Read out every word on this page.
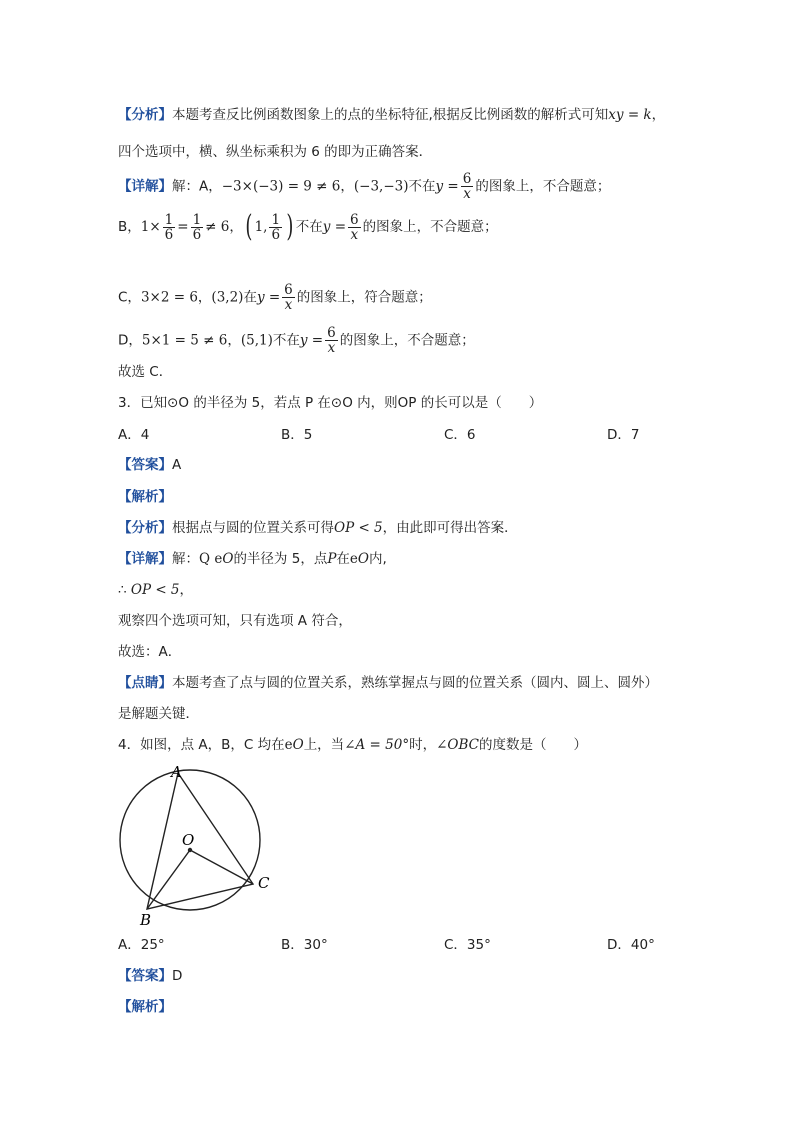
【分析】本题考查反比例函数图象上的点的坐标特征,根据反比例函数的解析式可知xy = k，
四个选项中，横、纵坐标乘积为 6 的即为正确答案．
【详解】解：A，−3×(−3) = 9 ≠ 6，(−3,−3)不在$y = \frac{6}{x}$ 的图象上，不合题意；
B，$1\times \frac{1}{6} = \frac{1}{6} \ne 6$，( 1, $\frac{1}{6}$ ) 不在$y = \frac{6}{x}$ 的图象上，不合题意；
C，3×2 = 6，(3,2)在$y = \frac{6}{x}$ 的图象上，符合题意；
D，5×1 = 5 ≠ 6，(5,1)不在$y = \frac{6}{x}$ 的图象上，不合题意；
故选 C．
3．已知⊙O 的半径为 5，若点 P 在⊙O 内，则OP 的长可以是（　　）
A．4	B．5	C．6	D．7
【答案】A
【解析】
【分析】根据点与圆的位置关系可得OP < 5，由此即可得出答案．
【详解】解：Q eO的半径为 5，点P在eO内,
∴ OP < 5，
观察四个选项可知，只有选项 A 符合，
故选：A．
【点睛】本题考查了点与圆的位置关系，熟练掌握点与圆的位置关系（圆内、圆上、圆外）
是解题关键．
4．如图，点 A，B，C 均在eO上，当∠A = 50°时，∠OBC的度数是（　　）
A
O
B
C
A．25°	B．30°	C．35°	D．40°
【答案】D
【解析】
